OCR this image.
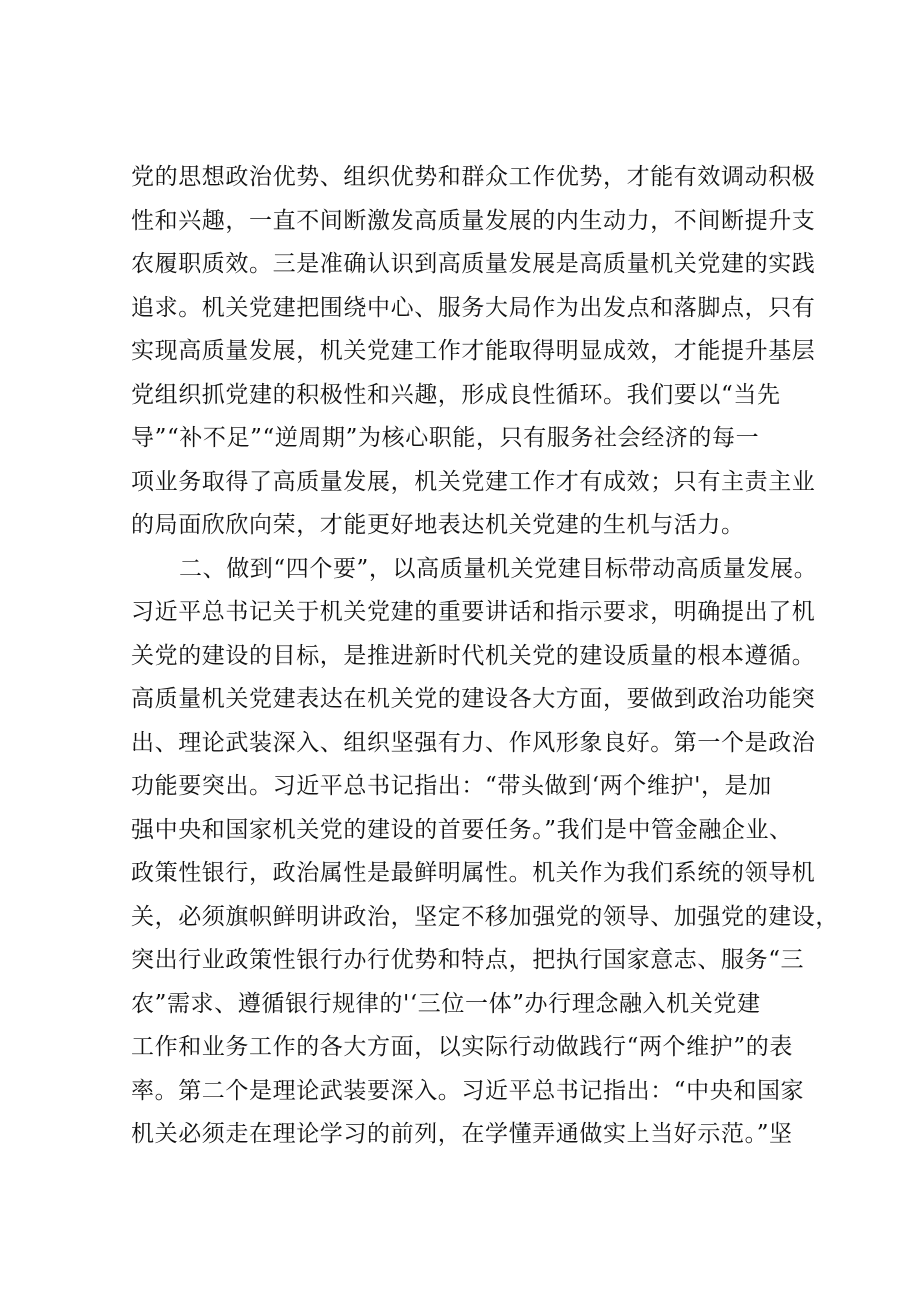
党的思想政治优势、组织优势和群众工作优势，才能有效调动积极
性和兴趣，一直不间断激发高质量发展的内生动力，不间断提升支
农履职质效。三是准确认识到高质量发展是高质量机关党建的实践
追求。机关党建把围绕中心、服务大局作为出发点和落脚点，只有
实现高质量发展，机关党建工作才能取得明显成效，才能提升基层
党组织抓党建的积极性和兴趣，形成良性循环。我们要以“当先
导”“补不足”“逆周期”为核心职能，只有服务社会经济的每一
项业务取得了高质量发展，机关党建工作才有成效；只有主责主业
的局面欣欣向荣，才能更好地表达机关党建的生机与活力。
二、做到“四个要”，以高质量机关党建目标带动高质量发展。
习近平总书记关于机关党建的重要讲话和指示要求，明确提出了机
关党的建设的目标，是推进新时代机关党的建设质量的根本遵循。
高质量机关党建表达在机关党的建设各大方面，要做到政治功能突
出、理论武装深入、组织坚强有力、作风形象良好。第一个是政治
功能要突出。习近平总书记指出：“带头做到‘两个维护'，是加
强中央和国家机关党的建设的首要任务。”我们是中管金融企业、
政策性银行，政治属性是最鲜明属性。机关作为我们系统的领导机
关，必须旗帜鲜明讲政治，坚定不移加强党的领导、加强党的建设，
突出行业政策性银行办行优势和特点，把执行国家意志、服务“三
农”需求、遵循银行规律的'‘三位一体”办行理念融入机关党建
工作和业务工作的各大方面，以实际行动做践行“两个维护”的表
率。第二个是理论武装要深入。习近平总书记指出：“中央和国家
机关必须走在理论学习的前列，在学懂弄通做实上当好示范。”坚
